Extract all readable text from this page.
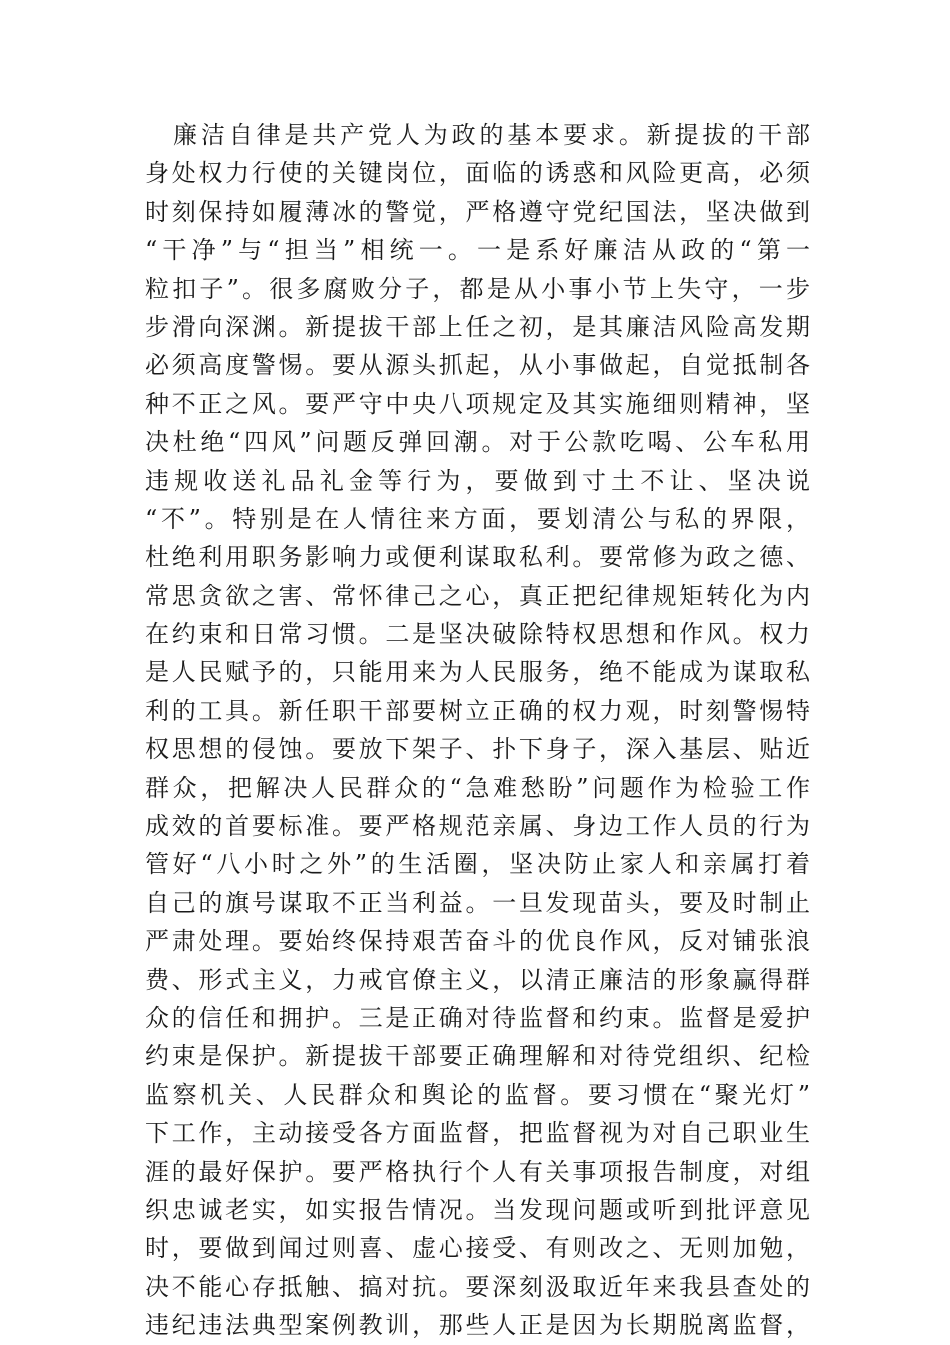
廉洁自律是共产党人为政的基本要求。新提拔的干部
身处权力行使的关键岗位，面临的诱惑和风险更高，必须
时刻保持如履薄冰的警觉，严格遵守党纪国法，坚决做到
“干净”与“担当”相统一。一是系好廉洁从政的“第一
粒扣子”。很多腐败分子，都是从小事小节上失守，一步
步滑向深渊。新提拔干部上任之初，是其廉洁风险高发期
必须高度警惕。要从源头抓起，从小事做起，自觉抵制各
种不正之风。要严守中央八项规定及其实施细则精神，坚
决杜绝“四风”问题反弹回潮。对于公款吃喝、公车私用
违规收送礼品礼金等行为，要做到寸土不让、坚决说
“不”。特别是在人情往来方面，要划清公与私的界限，
杜绝利用职务影响力或便利谋取私利。要常修为政之德、
常思贪欲之害、常怀律己之心，真正把纪律规矩转化为内
在约束和日常习惯。二是坚决破除特权思想和作风。权力
是人民赋予的，只能用来为人民服务，绝不能成为谋取私
利的工具。新任职干部要树立正确的权力观，时刻警惕特
权思想的侵蚀。要放下架子、扑下身子，深入基层、贴近
群众，把解决人民群众的“急难愁盼”问题作为检验工作
成效的首要标准。要严格规范亲属、身边工作人员的行为
管好“八小时之外”的生活圈，坚决防止家人和亲属打着
自己的旗号谋取不正当利益。一旦发现苗头，要及时制止
严肃处理。要始终保持艰苦奋斗的优良作风，反对铺张浪
费、形式主义，力戒官僚主义，以清正廉洁的形象赢得群
众的信任和拥护。三是正确对待监督和约束。监督是爱护
约束是保护。新提拔干部要正确理解和对待党组织、纪检
监察机关、人民群众和舆论的监督。要习惯在“聚光灯”
下工作，主动接受各方面监督，把监督视为对自己职业生
涯的最好保护。要严格执行个人有关事项报告制度，对组
织忠诚老实，如实报告情况。当发现问题或听到批评意见
时，要做到闻过则喜、虚心接受、有则改之、无则加勉，
决不能心存抵触、搞对抗。要深刻汲取近年来我县查处的
违纪违法典型案例教训，那些人正是因为长期脱离监督，
